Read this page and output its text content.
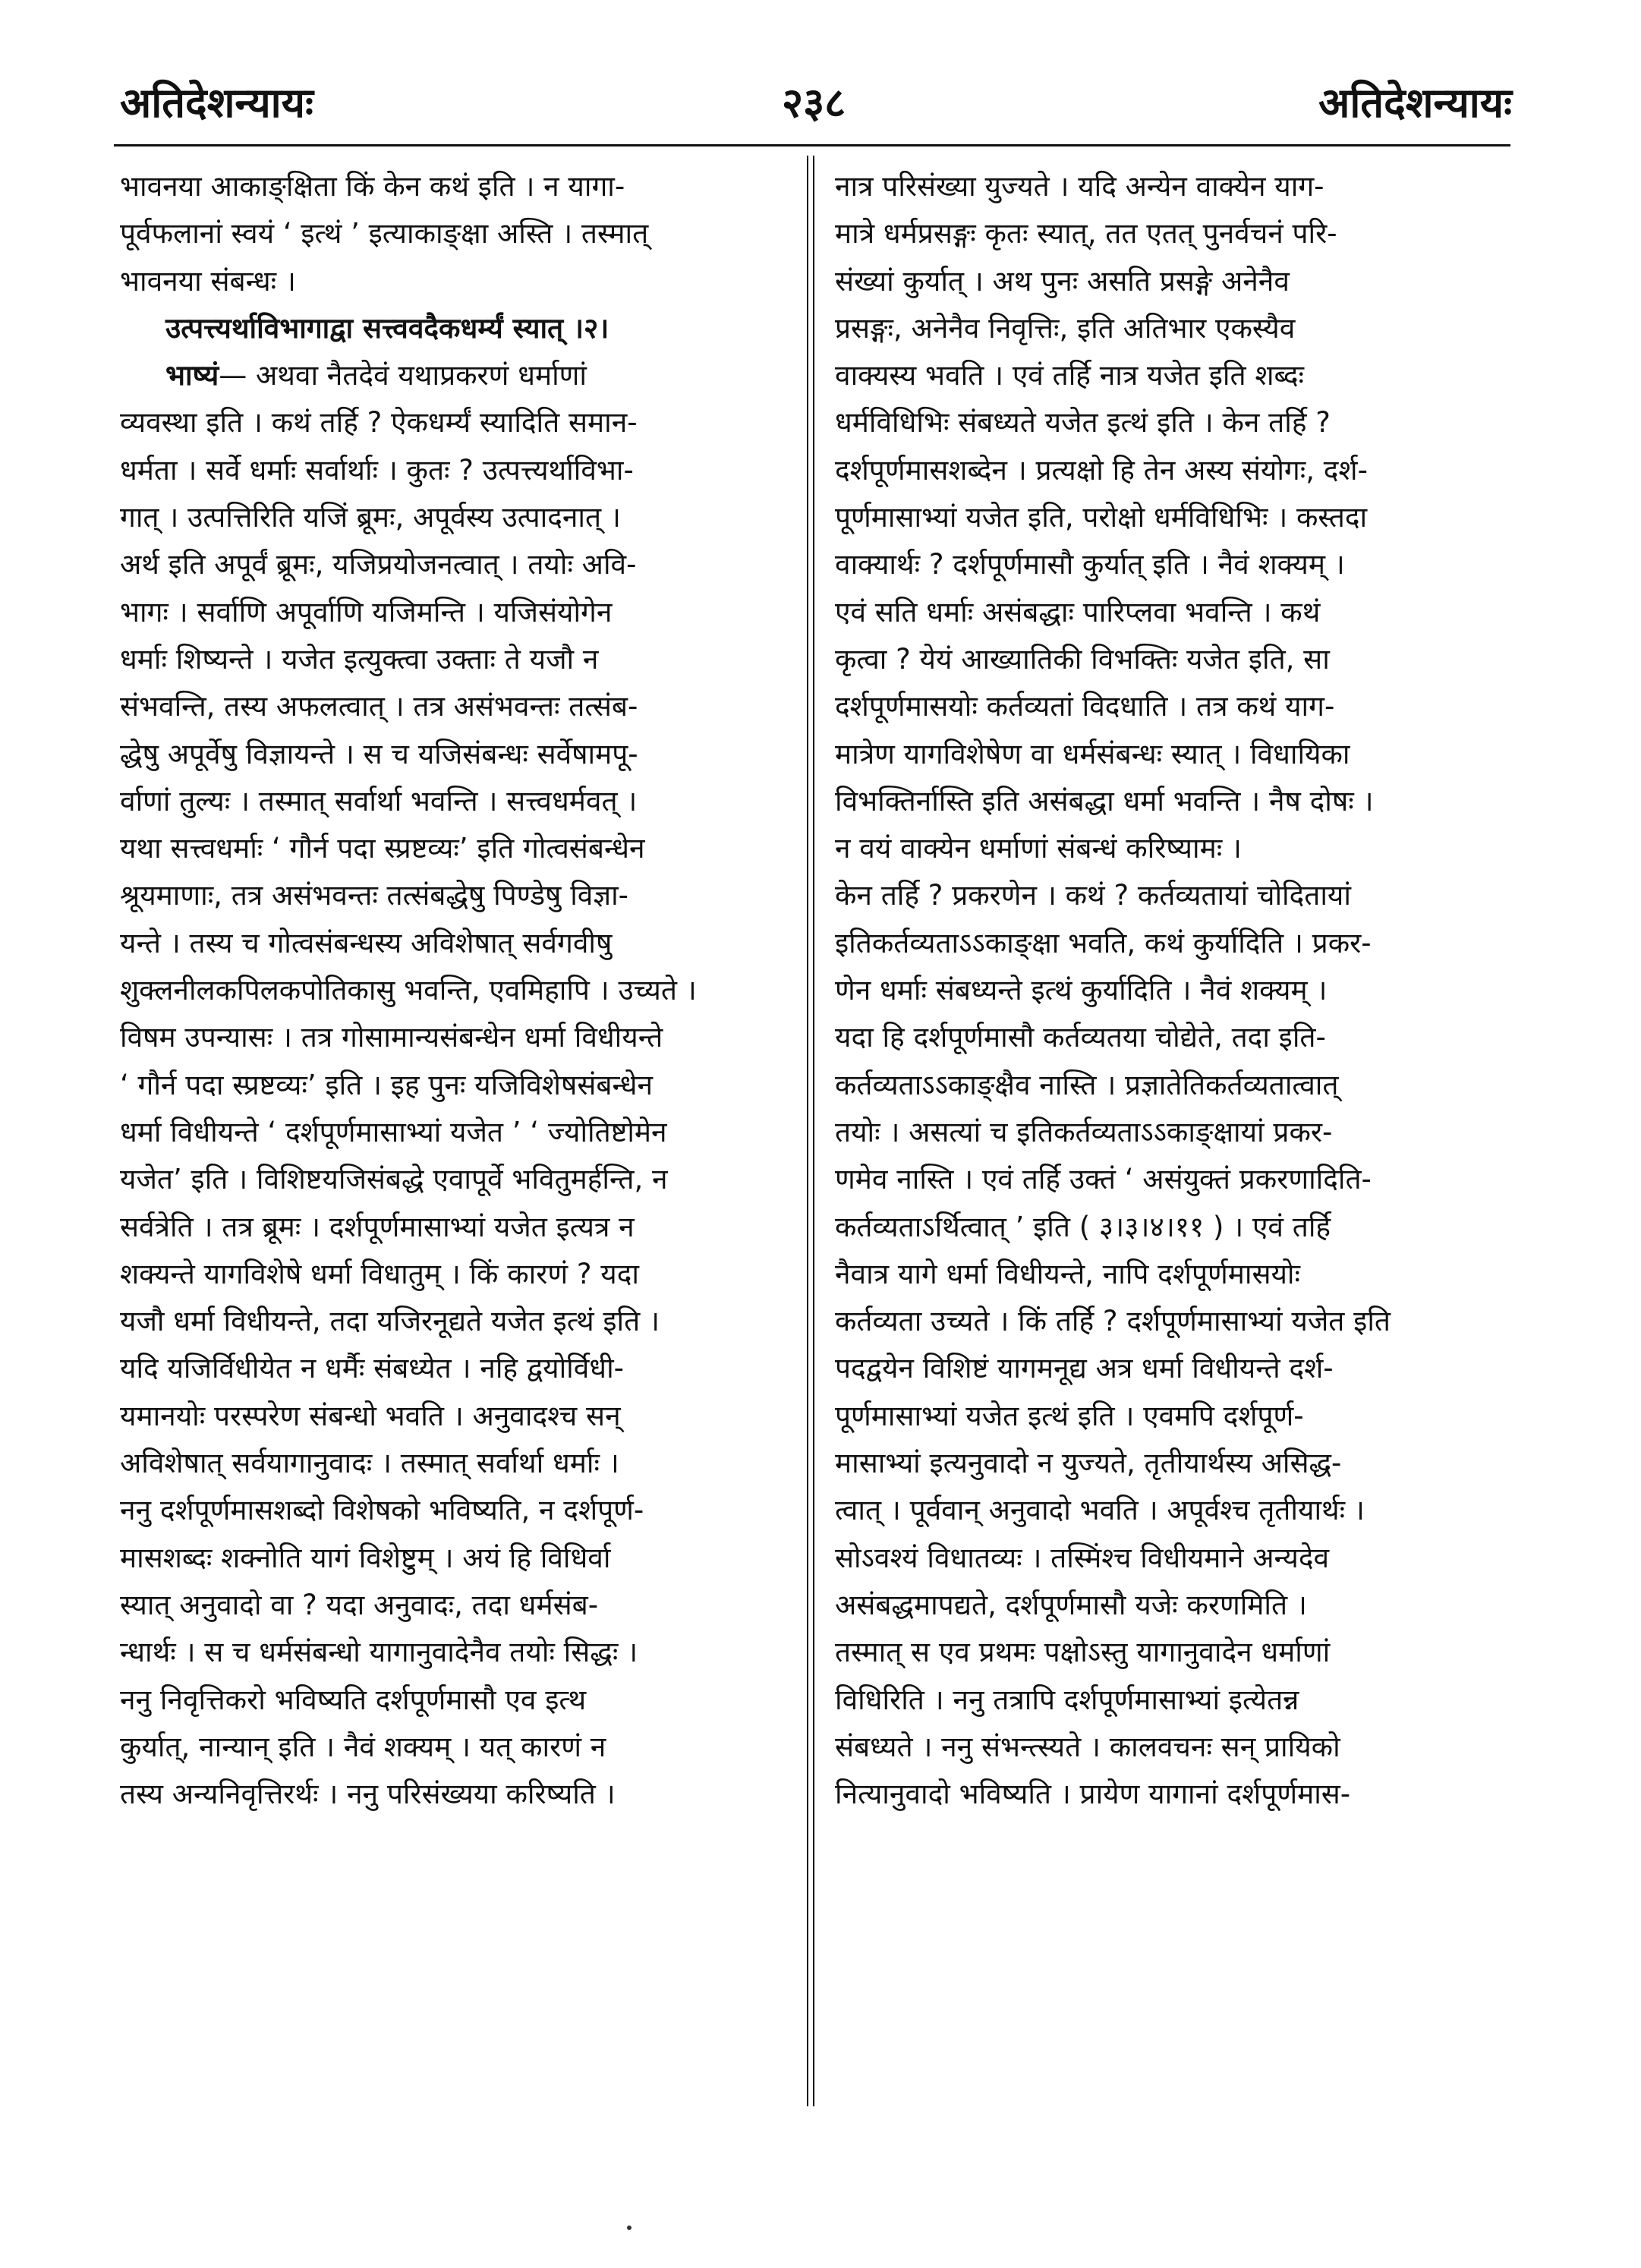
अतिदेशन्यायः	२३८	अतिदेशन्यायः
भावनया आकाङ्क्षिता किं केन कथं इति । न यागा-
पूर्वफलानां स्वयं ‘ इत्थं ’ इत्याकाङ्क्षा अस्ति । तस्मात्
भावनया संबन्धः ।
उत्पत्त्यर्थाविभागाद्वा सत्त्ववदैकधर्म्यं स्यात् ।२।
भाष्यं— अथवा नैतदेवं यथाप्रकरणं धर्माणां
व्यवस्था इति । कथं तर्हि ? ऐकधर्म्यं स्यादिति समान-
धर्मता । सर्वे धर्माः सर्वार्थाः । कुतः ? उत्पत्त्यर्थाविभा-
गात् । उत्पत्तिरिति यजिं ब्रूमः, अपूर्वस्य उत्पादनात् ।
अर्थ इति अपूर्वं ब्रूमः, यजिप्रयोजनत्वात् । तयोः अवि-
भागः । सर्वाणि अपूर्वाणि यजिमन्ति । यजिसंयोगेन
धर्माः शिष्यन्ते । यजेत इत्युक्त्वा उक्ताः ते यजौ न
संभवन्ति, तस्य अफलत्वात् । तत्र असंभवन्तः तत्संब-
द्धेषु अपूर्वेषु विज्ञायन्ते । स च यजिसंबन्धः सर्वेषामपू-
र्वाणां तुल्यः । तस्मात् सर्वार्था भवन्ति । सत्त्वधर्मवत् ।
यथा सत्त्वधर्माः ‘ गौर्न पदा स्प्रष्टव्यः’ इति गोत्वसंबन्धेन
श्रूयमाणाः, तत्र असंभवन्तः तत्संबद्धेषु पिण्डेषु विज्ञा-
यन्ते । तस्य च गोत्वसंबन्धस्य अविशेषात् सर्वगवीषु
शुक्लनीलकपिलकपोतिकासु भवन्ति, एवमिहापि । उच्यते ।
विषम उपन्यासः । तत्र गोसामान्यसंबन्धेन धर्मा विधीयन्ते
‘ गौर्न पदा स्प्रष्टव्यः’ इति । इह पुनः यजिविशेषसंबन्धेन
धर्मा विधीयन्ते ‘ दर्शपूर्णमासाभ्यां यजेत ’ ‘ ज्योतिष्टोमेन
यजेत’ इति । विशिष्टयजिसंबद्धे एवापूर्वे भवितुमर्हन्ति, न
सर्वत्रेति । तत्र ब्रूमः । दर्शपूर्णमासाभ्यां यजेत इत्यत्र न
शक्यन्ते यागविशेषे धर्मा विधातुम् । किं कारणं ? यदा
यजौ धर्मा विधीयन्ते, तदा यजिरनूद्यते यजेत इत्थं इति ।
यदि यजिर्विधीयेत न धर्मैः संबध्येत । नहि द्वयोर्विधी-
यमानयोः परस्परेण संबन्धो भवति । अनुवादश्च सन्
अविशेषात् सर्वयागानुवादः । तस्मात् सर्वार्था धर्माः ।
ननु दर्शपूर्णमासशब्दो विशेषको भविष्यति, न दर्शपूर्ण-
मासशब्दः शक्नोति यागं विशेष्टुम् । अयं हि विधिर्वा
स्यात् अनुवादो वा ? यदा अनुवादः, तदा धर्मसंब-
न्धार्थः । स च धर्मसंबन्धो यागानुवादेनैव तयोः सिद्धः ।
ननु निवृत्तिकरो भविष्यति दर्शपूर्णमासौ एव इत्थ
कुर्यात्, नान्यान् इति । नैवं शक्यम् । यत् कारणं न
तस्य अन्यनिवृत्तिरर्थः । ननु परिसंख्यया करिष्यति ।
नात्र परिसंख्या युज्यते । यदि अन्येन वाक्येन याग-
मात्रे धर्मप्रसङ्गः कृतः स्यात्, तत एतत् पुनर्वचनं परि-
संख्यां कुर्यात् । अथ पुनः असति प्रसङ्गे अनेनैव
प्रसङ्गः, अनेनैव निवृत्तिः, इति अतिभार एकस्यैव
वाक्यस्य भवति । एवं तर्हि नात्र यजेत इति शब्दः
धर्मविधिभिः संबध्यते यजेत इत्थं इति । केन तर्हि ?
दर्शपूर्णमासशब्देन । प्रत्यक्षो हि तेन अस्य संयोगः, दर्श-
पूर्णमासाभ्यां यजेत इति, परोक्षो धर्मविधिभिः । कस्तदा
वाक्यार्थः ? दर्शपूर्णमासौ कुर्यात् इति । नैवं शक्यम् ।
एवं सति धर्माः असंबद्धाः पारिप्लवा भवन्ति । कथं
कृत्वा ? येयं आख्यातिकी विभक्तिः यजेत इति, सा
दर्शपूर्णमासयोः कर्तव्यतां विदधाति । तत्र कथं याग-
मात्रेण यागविशेषेण वा धर्मसंबन्धः स्यात् । विधायिका
विभक्तिर्नास्ति इति असंबद्धा धर्मा भवन्ति । नैष दोषः ।
न वयं वाक्येन धर्माणां संबन्धं करिष्यामः ।
केन तर्हि ? प्रकरणेन । कथं ? कर्तव्यतायां चोदितायां
इतिकर्तव्यताऽऽकाङ्क्षा भवति, कथं कुर्यादिति । प्रकर-
णेन धर्माः संबध्यन्ते इत्थं कुर्यादिति । नैवं शक्यम् ।
यदा हि दर्शपूर्णमासौ कर्तव्यतया चोद्येते, तदा इति-
कर्तव्यताऽऽकाङ्क्षैव नास्ति । प्रज्ञातेतिकर्तव्यतात्वात्
तयोः । असत्यां च इतिकर्तव्यताऽऽकाङ्क्षायां प्रकर-
णमेव नास्ति । एवं तर्हि उक्तं ‘ असंयुक्तं प्रकरणादिति-
कर्तव्यताऽर्थित्वात् ’ इति ( ३।३।४।११ ) । एवं तर्हि
नैवात्र यागे धर्मा विधीयन्ते, नापि दर्शपूर्णमासयोः
कर्तव्यता उच्यते । किं तर्हि ? दर्शपूर्णमासाभ्यां यजेत इति
पदद्वयेन विशिष्टं यागमनूद्य अत्र धर्मा विधीयन्ते दर्श-
पूर्णमासाभ्यां यजेत इत्थं इति । एवमपि दर्शपूर्ण-
मासाभ्यां इत्यनुवादो न युज्यते, तृतीयार्थस्य असिद्ध-
त्वात् । पूर्ववान् अनुवादो भवति । अपूर्वश्च तृतीयार्थः ।
सोऽवश्यं विधातव्यः । तस्मिंश्च विधीयमाने अन्यदेव
असंबद्धमापद्यते, दर्शपूर्णमासौ यजेः करणमिति ।
तस्मात् स एव प्रथमः पक्षोऽस्तु यागानुवादेन धर्माणां
विधिरिति । ननु तत्रापि दर्शपूर्णमासाभ्यां इत्येतन्न
संबध्यते । ननु संभन्त्स्यते । कालवचनः सन् प्रायिको
नित्यानुवादो भविष्यति । प्रायेण यागानां दर्शपूर्णमास-
